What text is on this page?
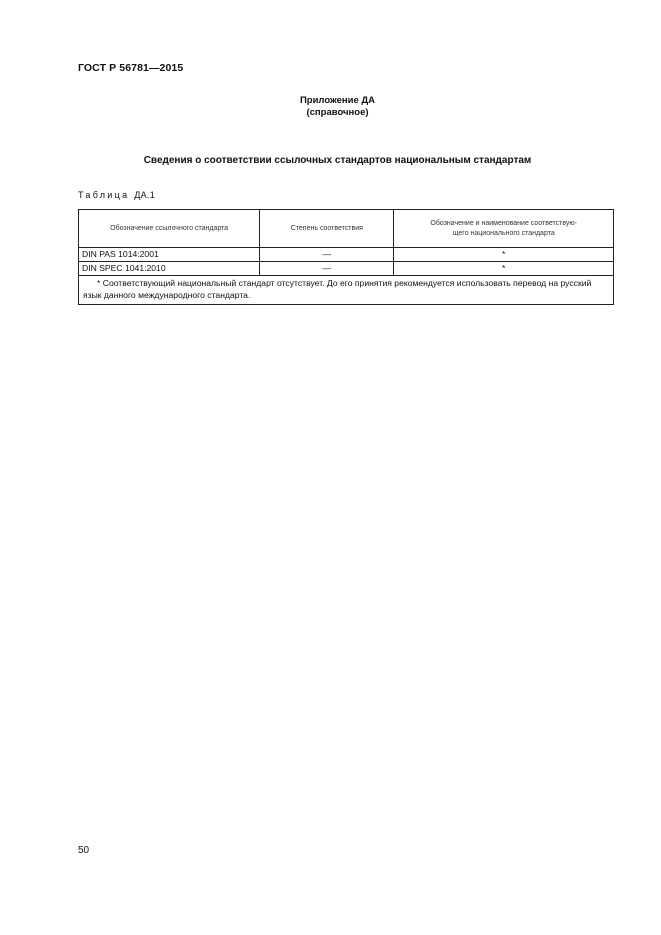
ГОСТ Р 56781—2015
Приложение ДА
(справочное)
Сведения о соответствии ссылочных стандартов национальным стандартам
Таблица ДА.1
Обозначение ссылочного стандарта	Степень соответствия	Обозначение и наименование соответствую-
щего национального стандарта
DIN PAS 1014:2001	—	*
DIN SPEC 1041:2010	—	*

* Соответствующий национальный стандарт отсутствует. До его принятия рекомендуется использовать перевод на русский язык данного международного стандарта.		
50
